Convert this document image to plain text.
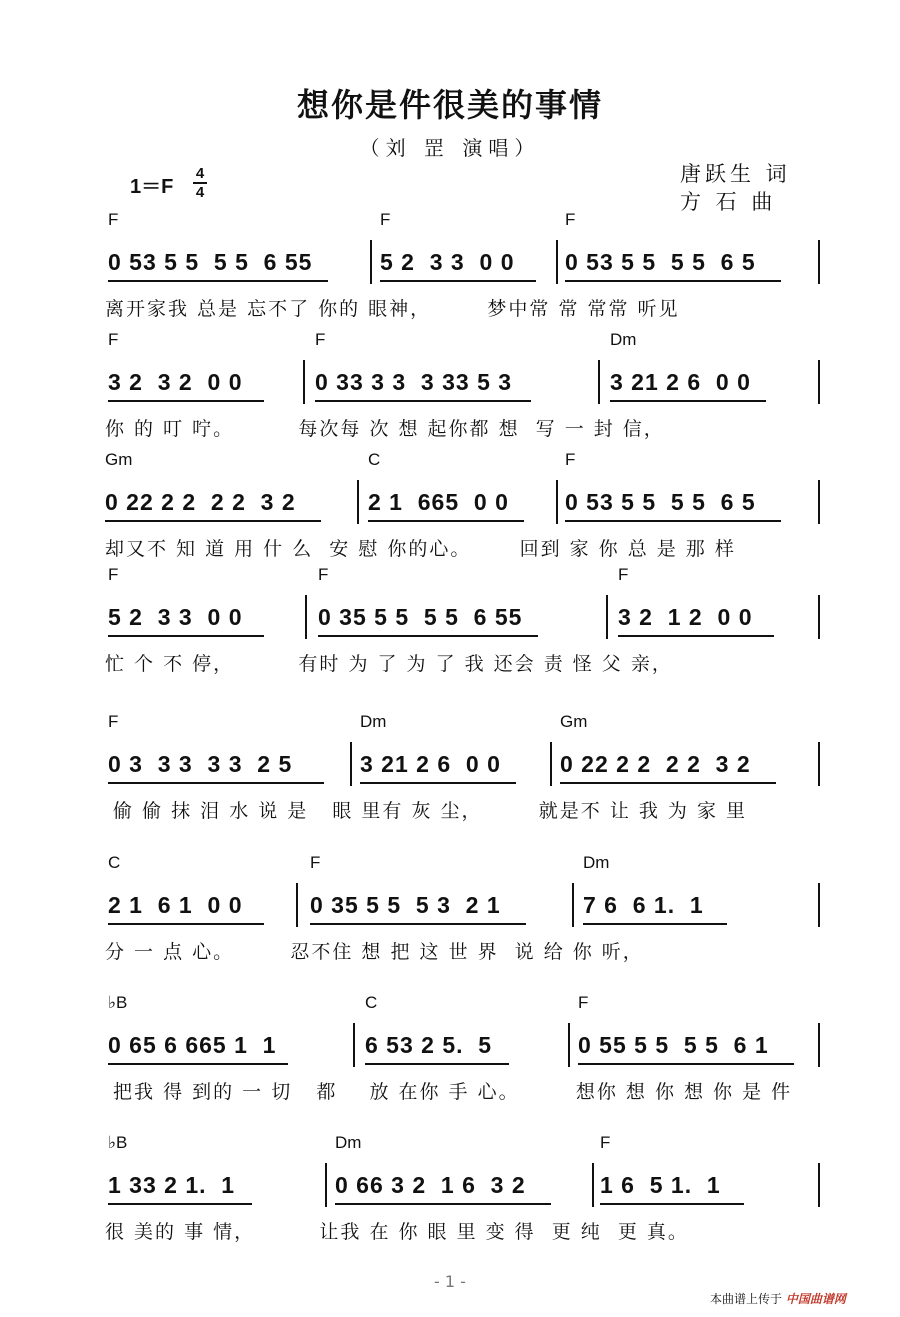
想你是件很美的事情
（刘 罡 演唱）
1＝F
4
4
唐跃生 词
方 石 曲
F	F	F
0 53 5 5  5 5  6 55	5 2  3 3  0 0 0 53 5 5  5 5  6 5
离开家我 总是 忘不了 你的 眼神，       梦中常 常 常常 听见
F	F	Dm
3 2  3 2  0 0	0 33 3 3  3 33 5 3	3 21 2 6  0 0
你 的 叮 咛。        每次每 次 想 起你都 想  写 一 封 信，
Gm	C	F
0 22 2 2  2 2  3 2	2 1  665  0 0 0 53 5 5  5 5  6 5
却又不 知 道 用 什 么  安 慰 你的心。      回到 家 你 总 是 那 样
F	F	F
5 2  3 3  0 0	0 35 5 5  5 5  6 55	3 2  1 2  0 0
忙 个 不 停，        有时 为 了 为 了 我 还会 责 怪 父 亲，
F	Dm	Gm
0 3  3 3  3 3  2 5	3 21 2 6  0 0	0 22 2 2  2 2  3 2
偷 偷 抹 泪 水 说 是   眼 里有 灰 尘，       就是不 让 我 为 家 里
C	F	Dm
2 1  6 1  0 0	0 35 5 5  5 3  2 1	7 6  6 1.  1
分 一 点 心。       忍不住 想 把 这 世 界  说 给 你 听，
♭B	C	F
0 65 6 665 1  1	6 53 2 5.  5	0 55 5 5  5 5  6 1
把我 得 到的 一 切   都    放 在你 手 心。       想你 想 你 想 你 是 件
♭B	Dm	F
1 33 2 1.  1	0 66 3 2  1 6  3 2	1 6  5 1.  1
很 美的 事 情，        让我 在 你 眼 里 变 得  更 纯  更 真。
- 1 -
本曲谱上传于 中国曲谱网
